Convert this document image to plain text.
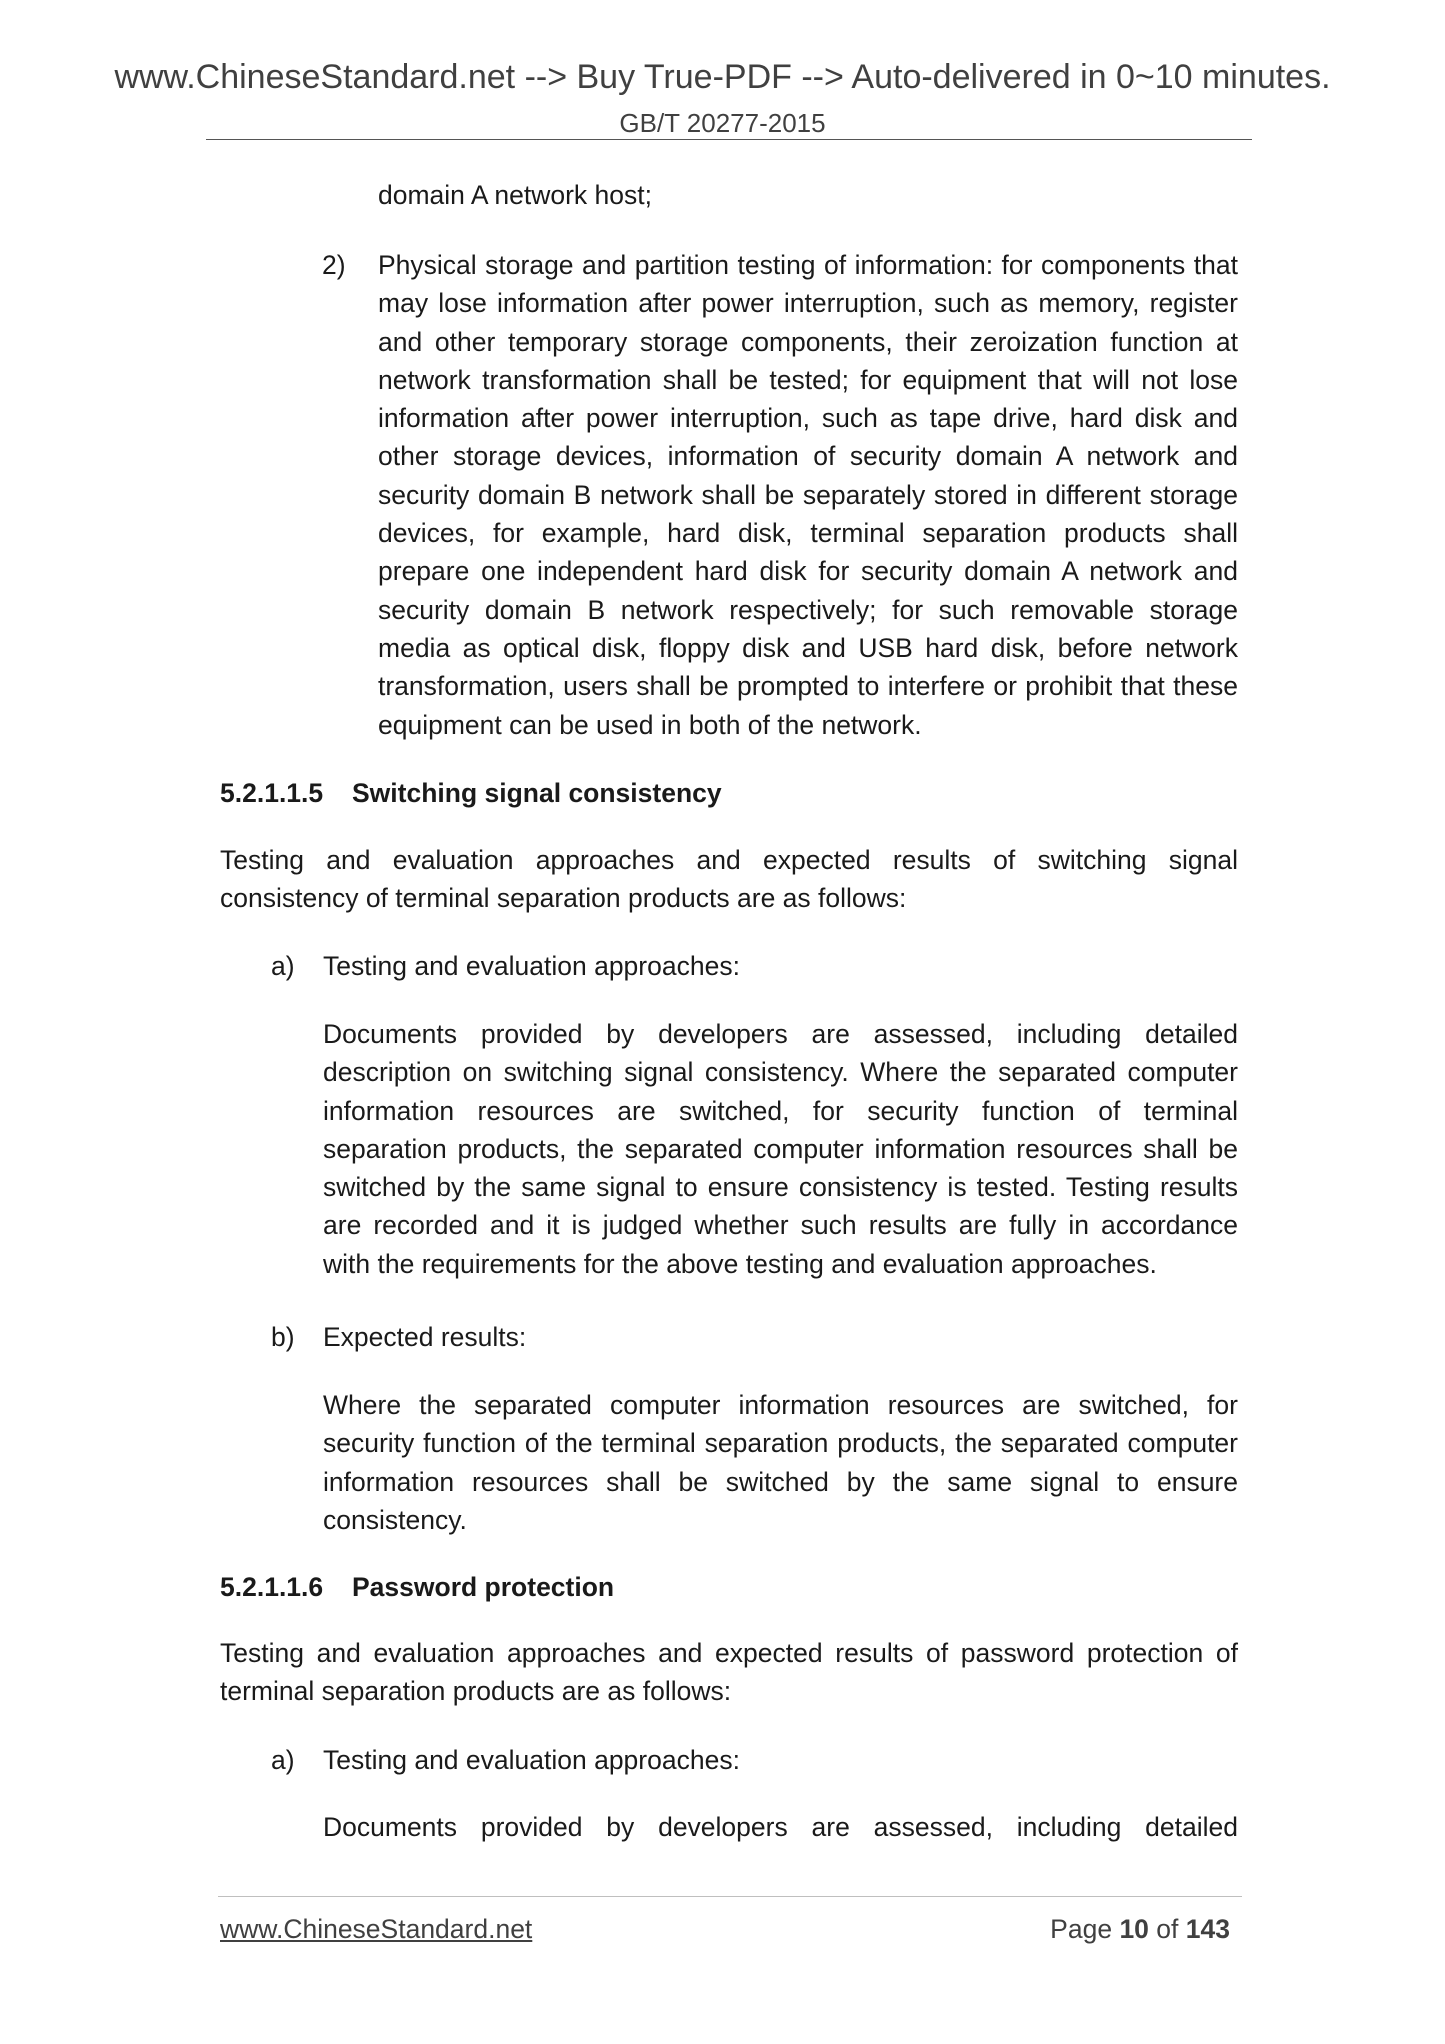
www.ChineseStandard.net --> Buy True-PDF --> Auto-delivered in 0~10 minutes.
GB/T 20277-2015
domain A network host;
2) Physical storage and partition testing of information: for components that
may lose information after power interruption, such as memory, register
and other temporary storage components, their zeroization function at
network transformation shall be tested; for equipment that will not lose
information after power interruption, such as tape drive, hard disk and
other storage devices, information of security domain A network and
security domain B network shall be separately stored in different storage
devices, for example, hard disk, terminal separation products shall
prepare one independent hard disk for security domain A network and
security domain B network respectively; for such removable storage
media as optical disk, floppy disk and USB hard disk, before network
transformation, users shall be prompted to interfere or prohibit that these
equipment can be used in both of the network.
5.2.1.1.5 Switching signal consistency
Testing and evaluation approaches and expected results of switching signal
consistency of terminal separation products are as follows:
a) Testing and evaluation approaches:
Documents provided by developers are assessed, including detailed
description on switching signal consistency. Where the separated computer
information resources are switched, for security function of terminal
separation products, the separated computer information resources shall be
switched by the same signal to ensure consistency is tested. Testing results
are recorded and it is judged whether such results are fully in accordance
with the requirements for the above testing and evaluation approaches.
b) Expected results:
Where the separated computer information resources are switched, for
security function of the terminal separation products, the separated computer
information resources shall be switched by the same signal to ensure
consistency.
5.2.1.1.6 Password protection
Testing and evaluation approaches and expected results of password protection of
terminal separation products are as follows:
a) Testing and evaluation approaches:
Documents provided by developers are assessed, including detailed
www.ChineseStandard.net	Page 10 of 143
